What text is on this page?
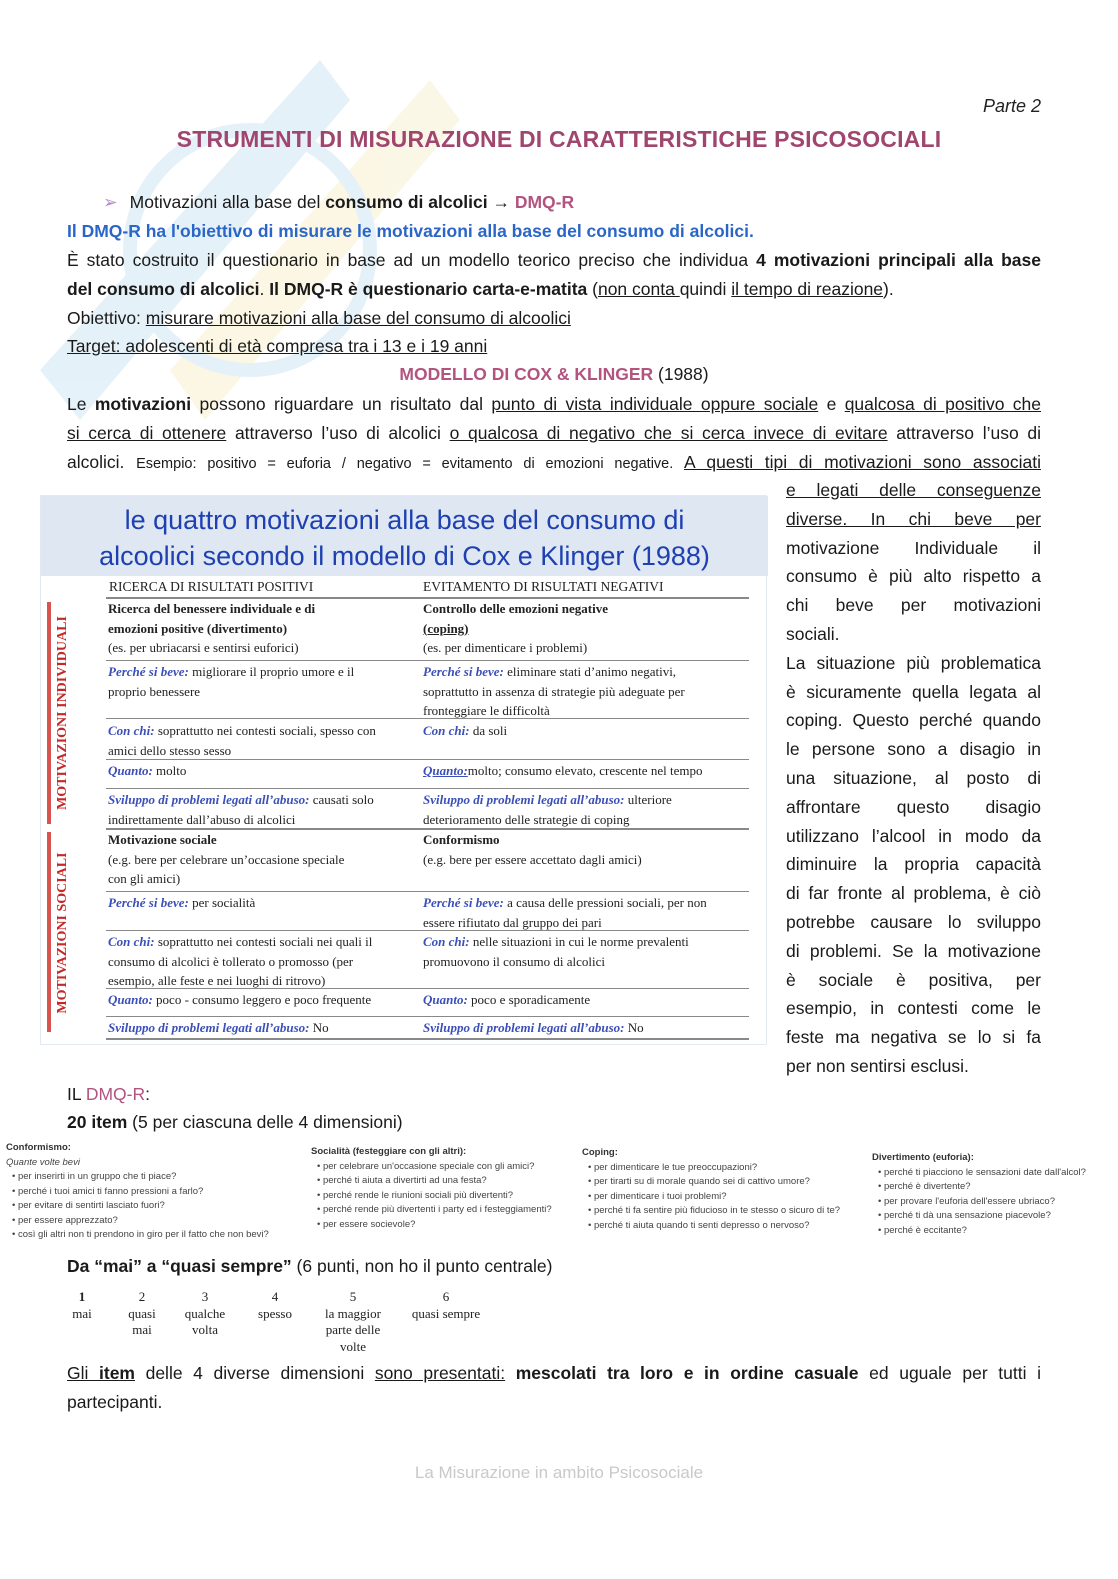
Parte 2
STRUMENTI DI MISURAZIONE DI CARATTERISTICHE PSICOSOCIALI
➢ Motivazioni alla base del consumo di alcolici → DMQ-R
Il DMQ-R ha l'obiettivo di misurare le motivazioni alla base del consumo di alcolici.
È stato costruito il questionario in base ad un modello teorico preciso che individua 4 motivazioni principali alla base
del consumo di alcolici. Il DMQ-R è questionario carta-e-matita (non conta quindi il tempo di reazione).
Obiettivo: misurare motivazioni alla base del consumo di alcoolici
Target: adolescenti di età compresa tra i 13 e i 19 anni
MODELLO DI COX & KLINGER (1988)
Le motivazioni possono riguardare un risultato dal punto di vista individuale oppure sociale e qualcosa di positivo che
si cerca di ottenere attraverso l’uso di alcolici o qualcosa di negativo che si cerca invece di evitare attraverso l’uso di
alcolici. Esempio: positivo = euforia / negativo = evitamento di emozioni negative. A questi tipi di motivazioni sono associati
e legati delle conseguenze
diverse. In chi beve per
motivazione Individuale il
consumo è più alto rispetto a
chi beve per motivazioni
sociali.
La situazione più problematica
è sicuramente quella legata al
coping. Questo perché quando
le persone sono a disagio in
una situazione, al posto di
affrontare questo disagio
utilizzano l’alcool in modo da
diminuire la propria capacità
di far fronte al problema, è ciò
potrebbe causare lo sviluppo
di problemi. Se la motivazione
è sociale è positiva, per
esempio, in contesti come le
feste ma negativa se lo si fa
per non sentirsi esclusi.
le quattro motivazioni alla base del consumo di
alcoolici secondo il modello di Cox e Klinger (1988)
RICERCA DI RISULTATI POSITIVI	EVITAMENTO DI RISULTATI NEGATIVI
MOTIVAZIONI INDIVIDUALI
Ricerca del benessere individuale e di
emozioni positive (divertimento)
(es. per ubriacarsi e sentirsi euforici)
Perché si beve: migliorare il proprio umore e il
proprio benessere
Con chi: soprattutto nei contesti sociali, spesso con
amici dello stesso sesso
Quanto: molto
Sviluppo di problemi legati all’abuso: causati solo
indirettamente dall’abuso di alcolici
Controllo delle emozioni negative
(coping)
(es. per dimenticare i problemi)
Perché si beve: eliminare stati d’animo negativi,
soprattutto in assenza di strategie più adeguate per
fronteggiare le difficoltà
Con chi: da soli
Quanto:molto; consumo elevato, crescente nel tempo
Sviluppo di problemi legati all’abuso: ulteriore
deterioramento delle strategie di coping
MOTIVAZIONI SOCIALI
Motivazione sociale
(e.g. bere per celebrare un’occasione speciale
con gli amici)
Perché si beve: per socialità
Con chi: soprattutto nei contesti sociali nei quali il
consumo di alcolici è tollerato o promosso (per
esempio, alle feste e nei luoghi di ritrovo)
Quanto: poco - consumo leggero e poco frequente
Sviluppo di problemi legati all’abuso: No
Conformismo
(e.g. bere per essere accettato dagli amici)
Perché si beve: a causa delle pressioni sociali, per non
essere rifiutato dal gruppo dei pari
Con chi: nelle situazioni in cui le norme prevalenti
promuovono il consumo di alcolici
Quanto: poco e sporadicamente
Sviluppo di problemi legati all’abuso: No
IL DMQ-R:
20 item (5 per ciascuna delle 4 dimensioni)
Conformismo:
Quante volte bevi
• per inserirti in un gruppo che ti piace?
• perché i tuoi amici ti fanno pressioni a farlo?
• per evitare di sentirti lasciato fuori?
• per essere apprezzato?
• così gli altri non ti prendono in giro per il fatto che non bevi?
Socialità (festeggiare con gli altri):
• per celebrare un'occasione speciale con gli amici?
• perché ti aiuta a divertirti ad una festa?
• perché rende le riunioni sociali più divertenti?
• perché rende più divertenti i party ed i festeggiamenti?
• per essere socievole?
Coping:
• per dimenticare le tue preoccupazioni?
• per tirarti su di morale quando sei di cattivo umore?
• per dimenticare i tuoi problemi?
• perché ti fa sentire più fiducioso in te stesso o sicuro di te?
• perché ti aiuta quando ti senti depresso o nervoso?
Divertimento (euforia):
• perché ti piacciono le sensazioni date dall'alcol?
• perché è divertente?
• per provare l'euforia dell'essere ubriaco?
• perché ti dà una sensazione piacevole?
• perché è eccitante?
Da “mai” a “quasi sempre” (6 punti, non ho il punto centrale)
1
mai
2
quasi
mai
3
qualche
volta
4
spesso
5
la maggior
parte delle
volte
6
quasi sempre
Gli item delle 4 diverse dimensioni sono presentati: mescolati tra loro e in ordine casuale ed uguale per tutti i
partecipanti.
La Misurazione in ambito Psicosociale
